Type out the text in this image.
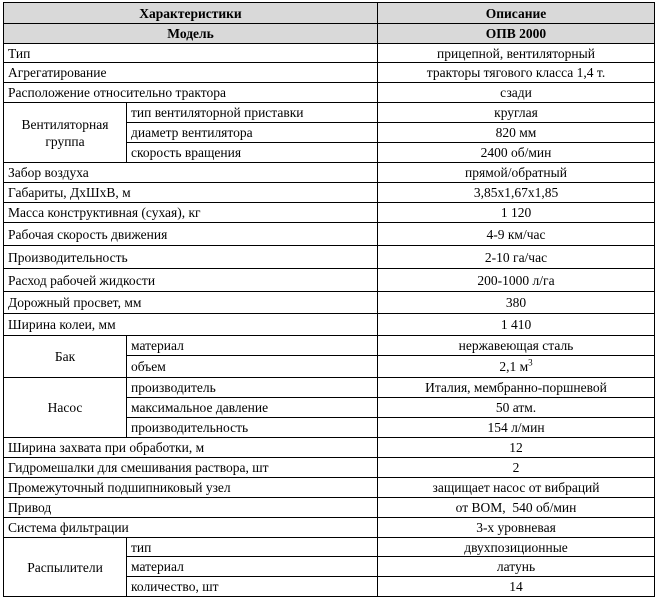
Характеристики		Описание
Модель		ОПВ 2000
Тип		прицепной, вентиляторный
Агрегатирование		тракторы тягового класса 1,4 т.
Расположение относительно трактора		сзади
Вентиляторная группа	тип вентиляторной приставки	круглая
	диаметр вентилятора	820 мм
	скорость вращения	2400 об/мин
Забор воздуха		прямой/обратный
Габариты, ДхШхВ, м		3,85х1,67х1,85
Масса конструктивная (сухая), кг		1 120
Рабочая скорость движения		4-9 км/час
Производительность		2-10 га/час
Расход рабочей жидкости		200-1000 л/га
Дорожный просвет, мм		380
Ширина колеи, мм		1 410
Бак	материал	нержавеющая сталь
	объем	2,1 $м^3$
Насос	производитель	Италия, мембранно-поршневой
	максимальное давление	50 атм.
	производительность	154 л/мин
Ширина захвата при обработки, м		12
Гидромешалки для смешивания раствора, шт		2
Промежуточный подшипниковый узел		защищает насос от вибраций
Привод		от ВОМ,  540 об/мин
Система фильтрации		3-х уровневая
Распылители	тип	двухпозиционные
	материал	латунь
	количество, шт	14
